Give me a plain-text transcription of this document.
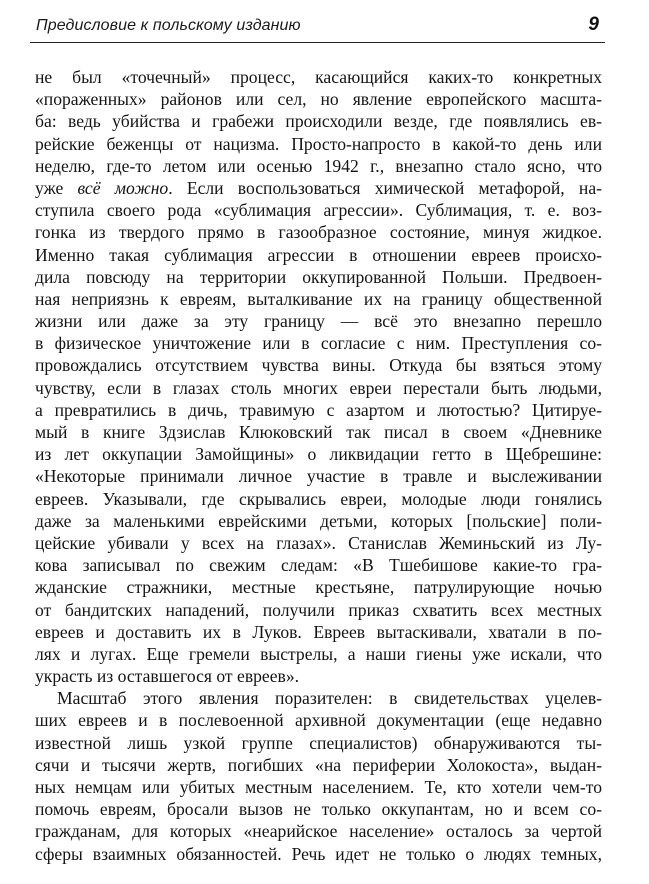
Предисловие к польскому изданию	9
не был «точечный» процесс, касающийся каких-то конкретных
«пораженных» районов или сел, но явление европейского масшта-
ба: ведь убийства и грабежи происходили везде, где появлялись ев-
рейские беженцы от нацизма. Просто-напросто в какой-то день или
неделю, где-то летом или осенью 1942 г., внезапно стало ясно, что
уже всё можно. Если воспользоваться химической метафорой, на-
ступила своего рода «сублимация агрессии». Сублимация, т. е. воз-
гонка из твердого прямо в газообразное состояние, минуя жидкое.
Именно такая сублимация агрессии в отношении евреев происхо-
дила повсюду на территории оккупированной Польши. Предвоен-
ная неприязнь к евреям, выталкивание их на границу общественной
жизни или даже за эту границу — всё это внезапно перешло
в физическое уничтожение или в согласие с ним. Преступления со-
провождались отсутствием чувства вины. Откуда бы взяться этому
чувству, если в глазах столь многих евреи перестали быть людьми,
а превратились в дичь, травимую с азартом и лютостью? Цитируе-
мый в книге Здзислав Клюковский так писал в своем «Дневнике
из лет оккупации Замойщины» о ликвидации гетто в Щебрешине:
«Некоторые принимали личное участие в травле и выслеживании
евреев. Указывали, где скрывались евреи, молодые люди гонялись
даже за маленькими еврейскими детьми, которых [польские] поли-
цейские убивали у всех на глазах». Станислав Жеминьский из Лу-
кова записывал по свежим следам: «В Тшебишове какие-то гра-
жданские стражники, местные крестьяне, патрулирующие ночью
от бандитских нападений, получили приказ схватить всех местных
евреев и доставить их в Луков. Евреев вытаскивали, хватали в по-
лях и лугах. Еще гремели выстрелы, а наши гиены уже искали, что
украсть из оставшегося от евреев».
Масштаб этого явления поразителен: в свидетельствах уцелев-
ших евреев и в послевоенной архивной документации (еще недавно
известной лишь узкой группе специалистов) обнаруживаются ты-
сячи и тысячи жертв, погибших «на периферии Холокоста», выдан-
ных немцам или убитых местным населением. Те, кто хотели чем-то
помочь евреям, бросали вызов не только оккупантам, но и всем со-
гражданам, для которых «неарийское население» осталось за чертой
сферы взаимных обязанностей. Речь идет не только о людях темных,
